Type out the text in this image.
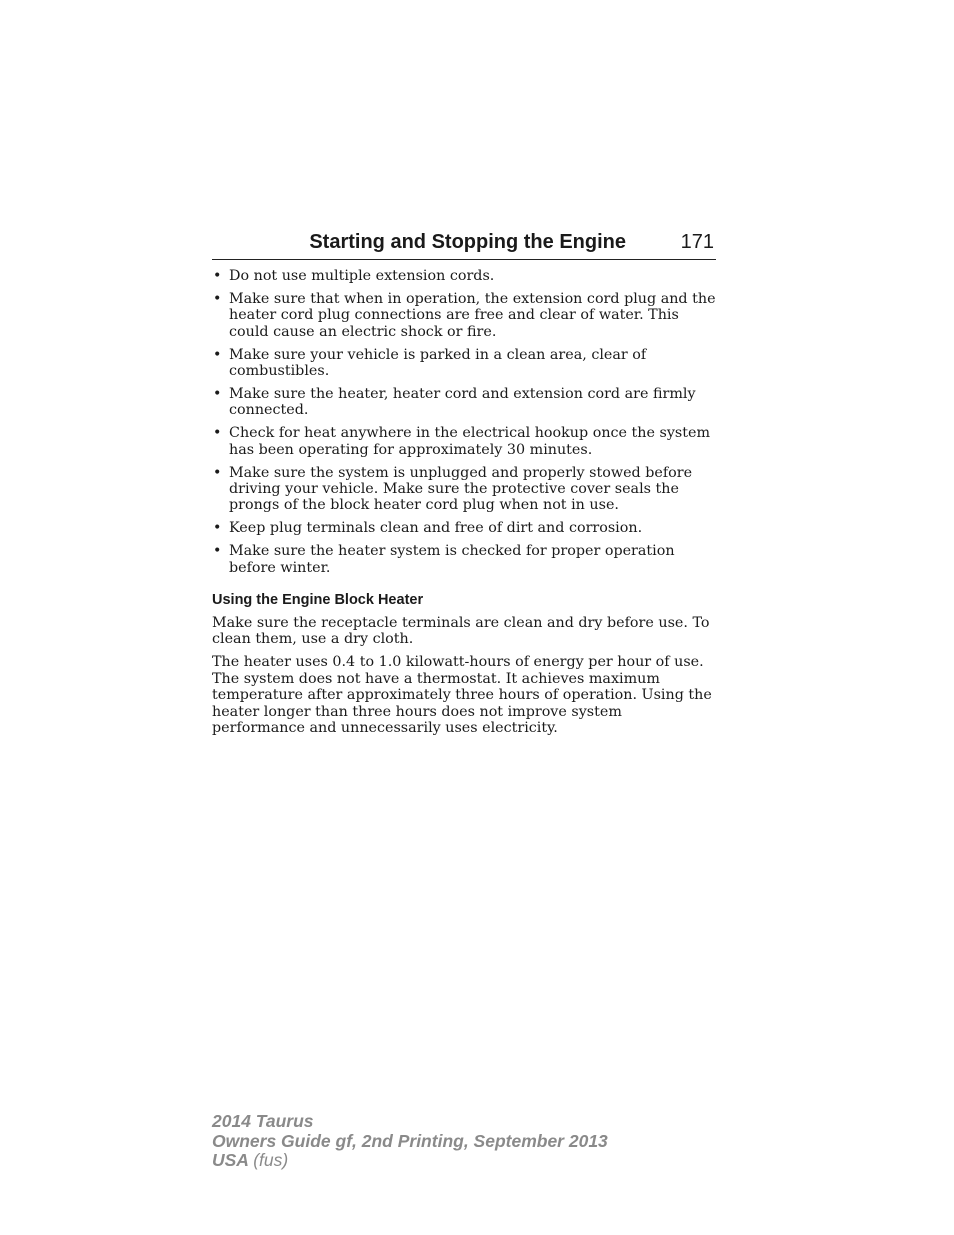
Starting and Stopping the Engine	171
• Do not use multiple extension cords.
• Make sure that when in operation, the extension cord plug and the heater cord plug connections are free and clear of water. This could cause an electric shock or fire.
• Make sure your vehicle is parked in a clean area, clear of combustibles.
• Make sure the heater, heater cord and extension cord are firmly connected.
• Check for heat anywhere in the electrical hookup once the system has been operating for approximately 30 minutes.
• Make sure the system is unplugged and properly stowed before driving your vehicle. Make sure the protective cover seals the prongs of the block heater cord plug when not in use.
• Keep plug terminals clean and free of dirt and corrosion.
• Make sure the heater system is checked for proper operation before winter.
Using the Engine Block Heater

Make sure the receptacle terminals are clean and dry before use. To clean them, use a dry cloth.

The heater uses 0.4 to 1.0 kilowatt-hours of energy per hour of use. The system does not have a thermostat. It achieves maximum temperature after approximately three hours of operation. Using the heater longer than three hours does not improve system performance and unnecessarily uses electricity.

2014 Taurus
Owners Guide gf, 2nd Printing, September 2013
USA (fus)
